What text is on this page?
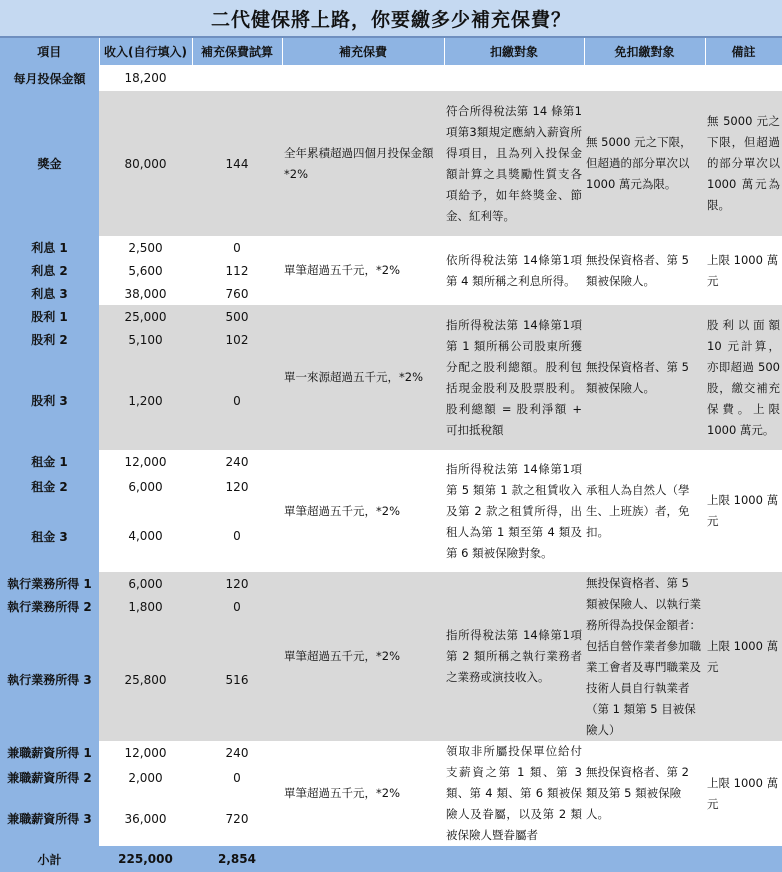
二代健保將上路，你要繳多少補充保費？
項目	收入(自行填入)	補充保費試算	補充保費	扣繳對象	免扣繳對象	備註
每月投保金額	18,200					
獎金	80,000	144	全年累積超過四個月投保金額 *2%	符合所得稅法第 14 條第1項第3類規定應納入薪資所得項目，且為列入投保金額計算之具獎勵性質支各項給予，如年終獎金、節金、紅利等。	無 5000 元之下限，但超過的部分單次以 1000 萬元為限。	無 5000 元之下限，但超過的部分單次以1000 萬元為限。
利息 1	2,500	0	單筆超過五千元，*2%	依所得稅法第 14條第1項第 4 類所稱之利息所得。	無投保資格者、第 5 類被保險人。	上限 1000 萬元
利息 2	5,600	112				
利息 3	38,000	760				
股利 1	25,000	500	單一來源超過五千元，*2%	指所得稅法第 14條第1項第 1 類所稱公司股東所獲分配之股利總額。股利包括現金股利及股票股利。股利總額 = 股利淨額 + 可扣抵稅額	無投保資格者、第 5 類被保險人。	股利以面額 10 元計算，亦即超過 500 股，繳交補充保費。上限 1000 萬元。
股利 2	5,100	102				
股利 3	1,200	0				
租金 1	12,000	240	單筆超過五千元，*2%	指所得稅法第 14條第1項第 5 類第 1 款之租賃收入及第 2 款之租賃所得，出租人為第 1 類至第 4 類及第 6 類被保險對象。	承租人為自然人（學生、上班族）者，免扣。	上限 1000 萬元
租金 2	6,000	120				
租金 3	4,000	0				
執行業務所得 1	6,000	120	單筆超過五千元，*2%	指所得稅法第 14條第1項第 2 類所稱之執行業務者之業務或演技收入。	無投保資格者、第 5 類被保險人、以執行業務所得為投保金額者：包括自營作業者參加職業工會者及專門職業及技術人員自行執業者（第 1 類第 5 目被保險人）	上限 1000 萬元
執行業務所得 2	1,800	0				
執行業務所得 3	25,800	516				
兼職薪資所得 1	12,000	240	單筆超過五千元，*2%	領取非所屬投保單位給付支薪資之第 1 類、第 3 類、第 4 類、第 6 類被保險人及眷屬，以及第 2 類被保險人暨眷屬者	無投保資格者、第 2 類及第 5 類被保險人。	上限 1000 萬元
兼職薪資所得 2	2,000	0				
兼職薪資所得 3	36,000	720				
小計	225,000	2,854				
